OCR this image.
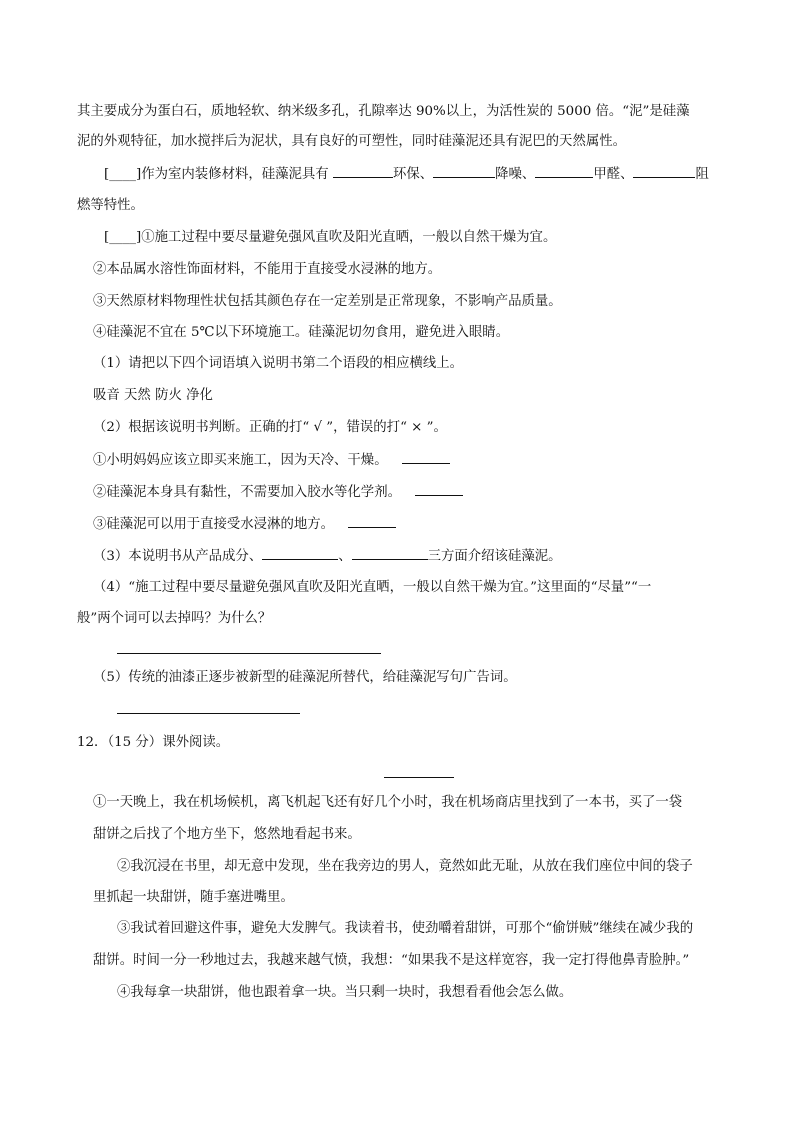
其主要成分为蛋白石，质地轻软、纳米级多孔，孔隙率达 90%以上，为活性炭的 5000 倍。“泥”是硅藻
泥的外观特征，加水搅拌后为泥状，具有良好的可塑性，同时硅藻泥还具有泥巴的天然属性。
[____]作为室内装修材料，硅藻泥具有	环保、	降噪、	甲醛、	阻
燃等特性。
[____]①施工过程中要尽量避免强风直吹及阳光直晒，一般以自然干燥为宜。
②本品属水溶性饰面材料，不能用于直接受水浸淋的地方。
③天然原材料物理性状包括其颜色存在一定差别是正常现象，不影响产品质量。
④硅藻泥不宜在 5℃以下环境施工。硅藻泥切勿食用，避免进入眼睛。
（1）请把以下四个词语填入说明书第二个语段的相应横线上。
吸音 天然 防火 净化
（2）根据该说明书判断。正确的打“ √ ”，错误的打“ × ”。
①小明妈妈应该立即买来施工，因为天冷、干燥。
②硅藻泥本身具有黏性，不需要加入胶水等化学剂。
③硅藻泥可以用于直接受水浸淋的地方。
（3）本说明书从产品成分、	、	三方面介绍该硅藻泥。
（4）“施工过程中要尽量避免强风直吹及阳光直晒，一般以自然干燥为宜。”这里面的“尽量”“一
般”两个词可以去掉吗？为什么？
（5）传统的油漆正逐步被新型的硅藻泥所替代，给硅藻泥写句广告词。
12．（15 分）课外阅读。
①一天晚上，我在机场候机，离飞机起飞还有好几个小时，我在机场商店里找到了一本书，买了一袋
甜饼之后找了个地方坐下，悠然地看起书来。
②我沉浸在书里，却无意中发现，坐在我旁边的男人，竟然如此无耻，从放在我们座位中间的袋子
里抓起一块甜饼，随手塞进嘴里。
③我试着回避这件事，避免大发脾气。我读着书，使劲嚼着甜饼，可那个“偷饼贼”继续在减少我的
甜饼。时间一分一秒地过去，我越来越气愤，我想：“如果我不是这样宽容，我一定打得他鼻青脸肿。”
④我每拿一块甜饼，他也跟着拿一块。当只剩一块时，我想看看他会怎么做。
